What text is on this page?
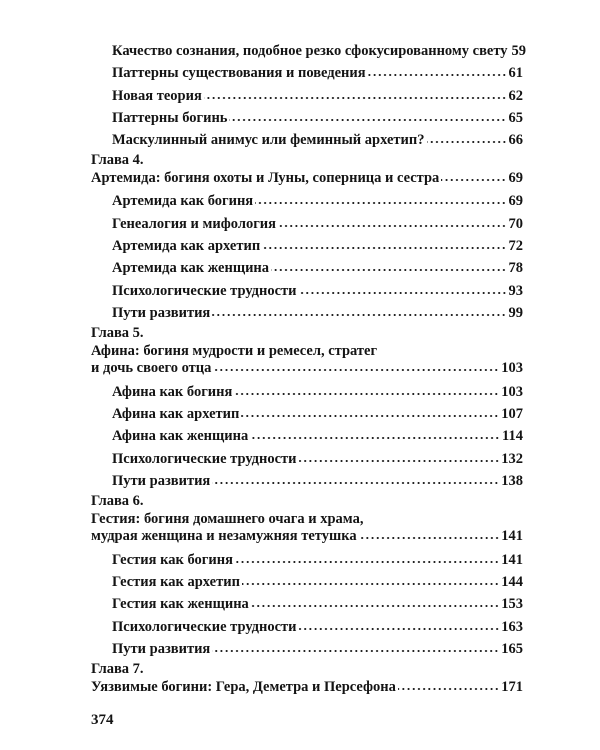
Качество сознания, подобное резко сфокусированному свету 59
Паттерны существования и поведения	61
Новая теория	62
Паттерны богинь	65
Маскулинный анимус или феминный архетип?	66
Глава 4.
Артемида: богиня охоты и Луны, соперница и сестра	69
Артемида как богиня	69
Генеалогия и мифология	70
Артемида как архетип	72
Артемида как женщина	78
Психологические трудности	93
Пути развития	99
Глава 5.
Афина: богиня мудрости и ремесел, стратег
и дочь своего отца	103
Афина как богиня	103
Афина как архетип	107
Афина как женщина	114
Психологические трудности	132
Пути развития	138
Глава 6.
Гестия: богиня домашнего очага и храма,
мудрая женщина и незамужняя тетушка	141
Гестия как богиня	141
Гестия как архетип	144
Гестия как женщина	153
Психологические трудности	163
Пути развития	165
Глава 7.
Уязвимые богини: Гера, Деметра и Персефона	171
374
